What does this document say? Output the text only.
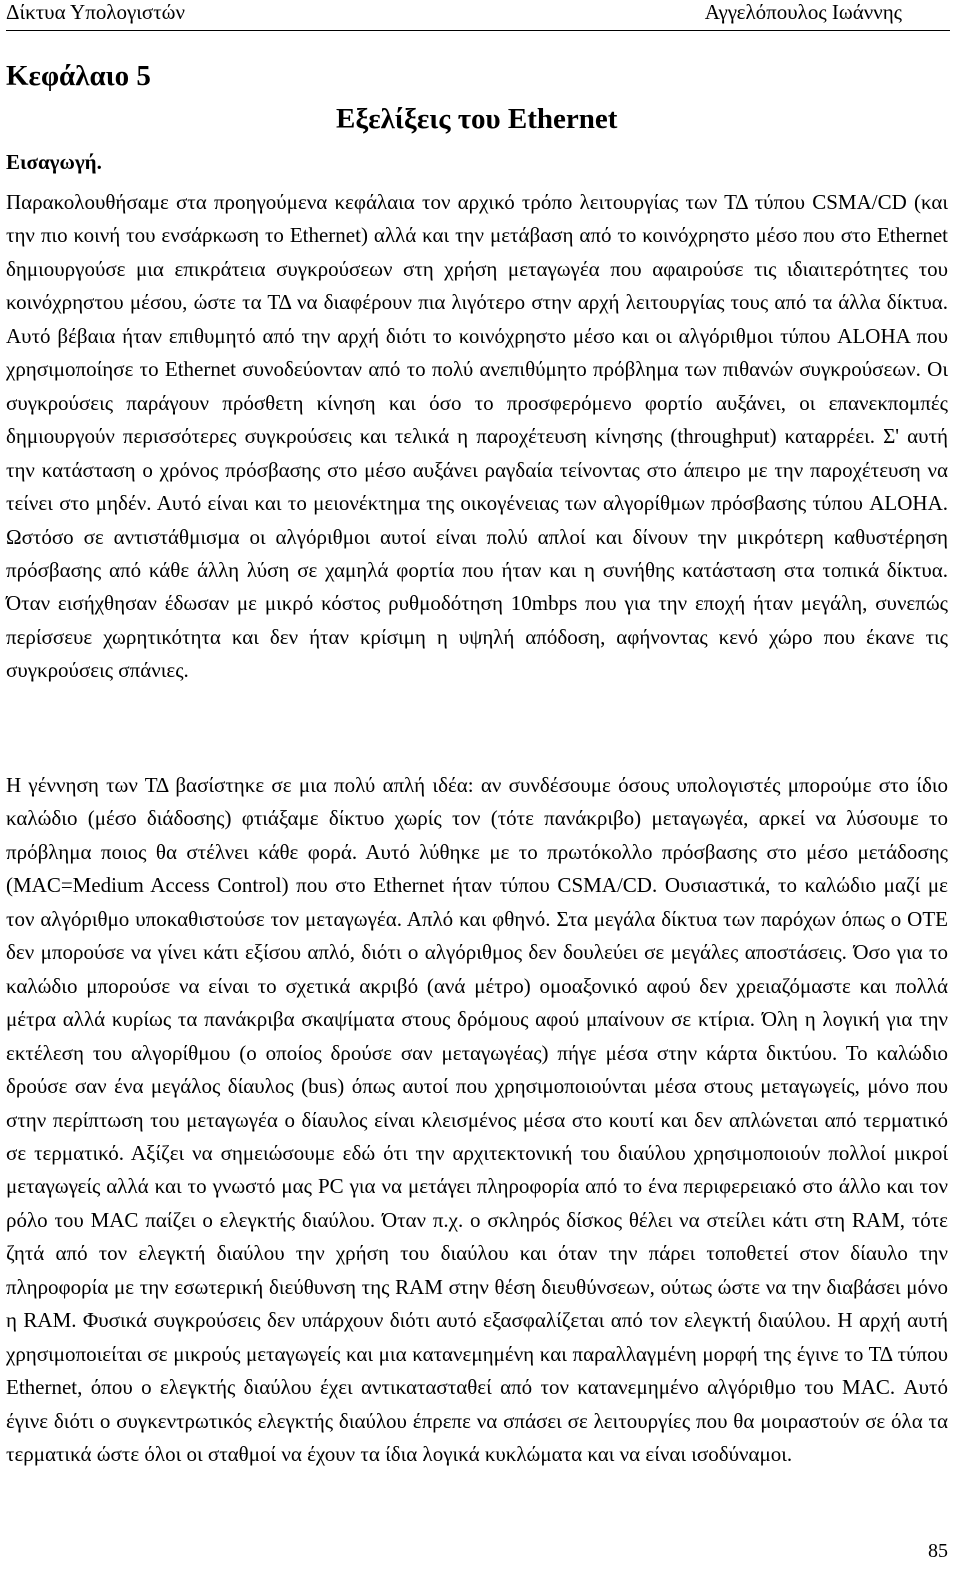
Δίκτυα Υπολογιστών	Αγγελόπουλος Ιωάννης
Κεφάλαιο 5
Εξελίξεις του Ethernet
Εισαγωγή.

Παρακολουθήσαμε στα προηγούμενα κεφάλαια τον αρχικό τρόπο λειτουργίας των ΤΔ τύπου CSMA/CD (και την πιο κοινή του ενσάρκωση το Ethernet) αλλά και την μετάβαση από το κοινόχρηστο μέσο που στο Ethernet δημιουργούσε μια επικράτεια συγκρούσεων στη χρήση μεταγωγέα που αφαιρούσε τις ιδιαιτερότητες του κοινόχρηστου μέσου, ώστε τα ΤΔ να διαφέρουν πια λιγότερο στην αρχή λειτουργίας τους από τα άλλα δίκτυα. Αυτό βέβαια ήταν επιθυμητό από την αρχή διότι το κοινόχρηστο μέσο και οι αλγόριθμοι τύπου ALOHA που χρησιμοποίησε το Ethernet συνοδεύονταν από το πολύ ανεπιθύμητο πρόβλημα των πιθανών συγκρούσεων. Οι συγκρούσεις παράγουν πρόσθετη κίνηση και όσο το προσφερόμενο φορτίο αυξάνει, οι επανεκπομπές δημιουργούν περισσότερες συγκρούσεις και τελικά η παροχέτευση κίνησης (throughput) καταρρέει. Σ' αυτή την κατάσταση ο χρόνος πρόσβασης στο μέσο αυξάνει ραγδαία τείνοντας στο άπειρο με την παροχέτευση να τείνει στο μηδέν. Αυτό είναι και το μειονέκτημα της οικογένειας των αλγορίθμων πρόσβασης τύπου ALOHA. Ωστόσο σε αντιστάθμισμα οι αλγόριθμοι αυτοί είναι πολύ απλοί και δίνουν την μικρότερη καθυστέρηση πρόσβασης από κάθε άλλη λύση σε χαμηλά φορτία που ήταν και η συνήθης κατάσταση στα τοπικά δίκτυα. Όταν εισήχθησαν έδωσαν με μικρό κόστος ρυθμοδότηση 10mbps που για την εποχή ήταν μεγάλη, συνεπώς περίσσευε χωρητικότητα και δεν ήταν κρίσιμη η υψηλή απόδοση, αφήνοντας κενό χώρο που έκανε τις συγκρούσεις σπάνιες.

Η γέννηση των ΤΔ βασίστηκε σε μια πολύ απλή ιδέα: αν συνδέσουμε όσους υπολογιστές μπορούμε στο ίδιο καλώδιο (μέσο διάδοσης) φτιάξαμε δίκτυο χωρίς τον (τότε πανάκριβο) μεταγωγέα, αρκεί να λύσουμε το πρόβλημα ποιος θα στέλνει κάθε φορά. Αυτό λύθηκε με το πρωτόκολλο πρόσβασης στο μέσο μετάδοσης (MAC=Medium Access Control) που στο Ethernet ήταν τύπου CSMA/CD. Ουσιαστικά, το καλώδιο μαζί με τον αλγόριθμο υποκαθιστούσε τον μεταγωγέα. Απλό και φθηνό. Στα μεγάλα δίκτυα των παρόχων όπως ο ΟΤΕ δεν μπορούσε να γίνει κάτι εξίσου απλό, διότι ο αλγόριθμος δεν δουλεύει σε μεγάλες αποστάσεις. Όσο για το καλώδιο μπορούσε να είναι το σχετικά ακριβό (ανά μέτρο) ομοαξονικό αφού δεν χρειαζόμαστε και πολλά μέτρα αλλά κυρίως τα πανάκριβα σκαψίματα στους δρόμους αφού μπαίνουν σε κτίρια. Όλη η λογική για την εκτέλεση του αλγορίθμου (ο οποίος δρούσε σαν μεταγωγέας) πήγε μέσα στην κάρτα δικτύου. Το καλώδιο δρούσε σαν ένα μεγάλος δίαυλος (bus) όπως αυτοί που χρησιμοποιούνται μέσα στους μεταγωγείς, μόνο που στην περίπτωση του μεταγωγέα ο δίαυλος είναι κλεισμένος μέσα στο κουτί και δεν απλώνεται από τερματικό σε τερματικό. Αξίζει να σημειώσουμε εδώ ότι την αρχιτεκτονική του διαύλου χρησιμοποιούν πολλοί μικροί μεταγωγείς αλλά και το γνωστό μας PC για να μετάγει πληροφορία από το ένα περιφερειακό στο άλλο και τον ρόλο του MAC παίζει ο ελεγκτής διαύλου. Όταν π.χ. ο σκληρός δίσκος θέλει να στείλει κάτι στη RAM, τότε ζητά από τον ελεγκτή διαύλου την χρήση του διαύλου και όταν την πάρει τοποθετεί στον δίαυλο την πληροφορία με την εσωτερική διεύθυνση της RAM στην θέση διευθύνσεων, ούτως ώστε να την διαβάσει μόνο η RAM. Φυσικά συγκρούσεις δεν υπάρχουν διότι αυτό εξασφαλίζεται από τον ελεγκτή διαύλου. Η αρχή αυτή χρησιμοποιείται σε μικρούς μεταγωγείς και μια κατανεμημένη και παραλλαγμένη μορφή της έγινε το ΤΔ τύπου Ethernet, όπου ο ελεγκτής διαύλου έχει αντικατασταθεί από τον κατανεμημένο αλγόριθμο του MAC. Αυτό έγινε διότι ο συγκεντρωτικός ελεγκτής διαύλου έπρεπε να σπάσει σε λειτουργίες που θα μοιραστούν σε όλα τα τερματικά ώστε όλοι οι σταθμοί να έχουν τα ίδια λογικά κυκλώματα και να είναι ισοδύναμοι.

85
